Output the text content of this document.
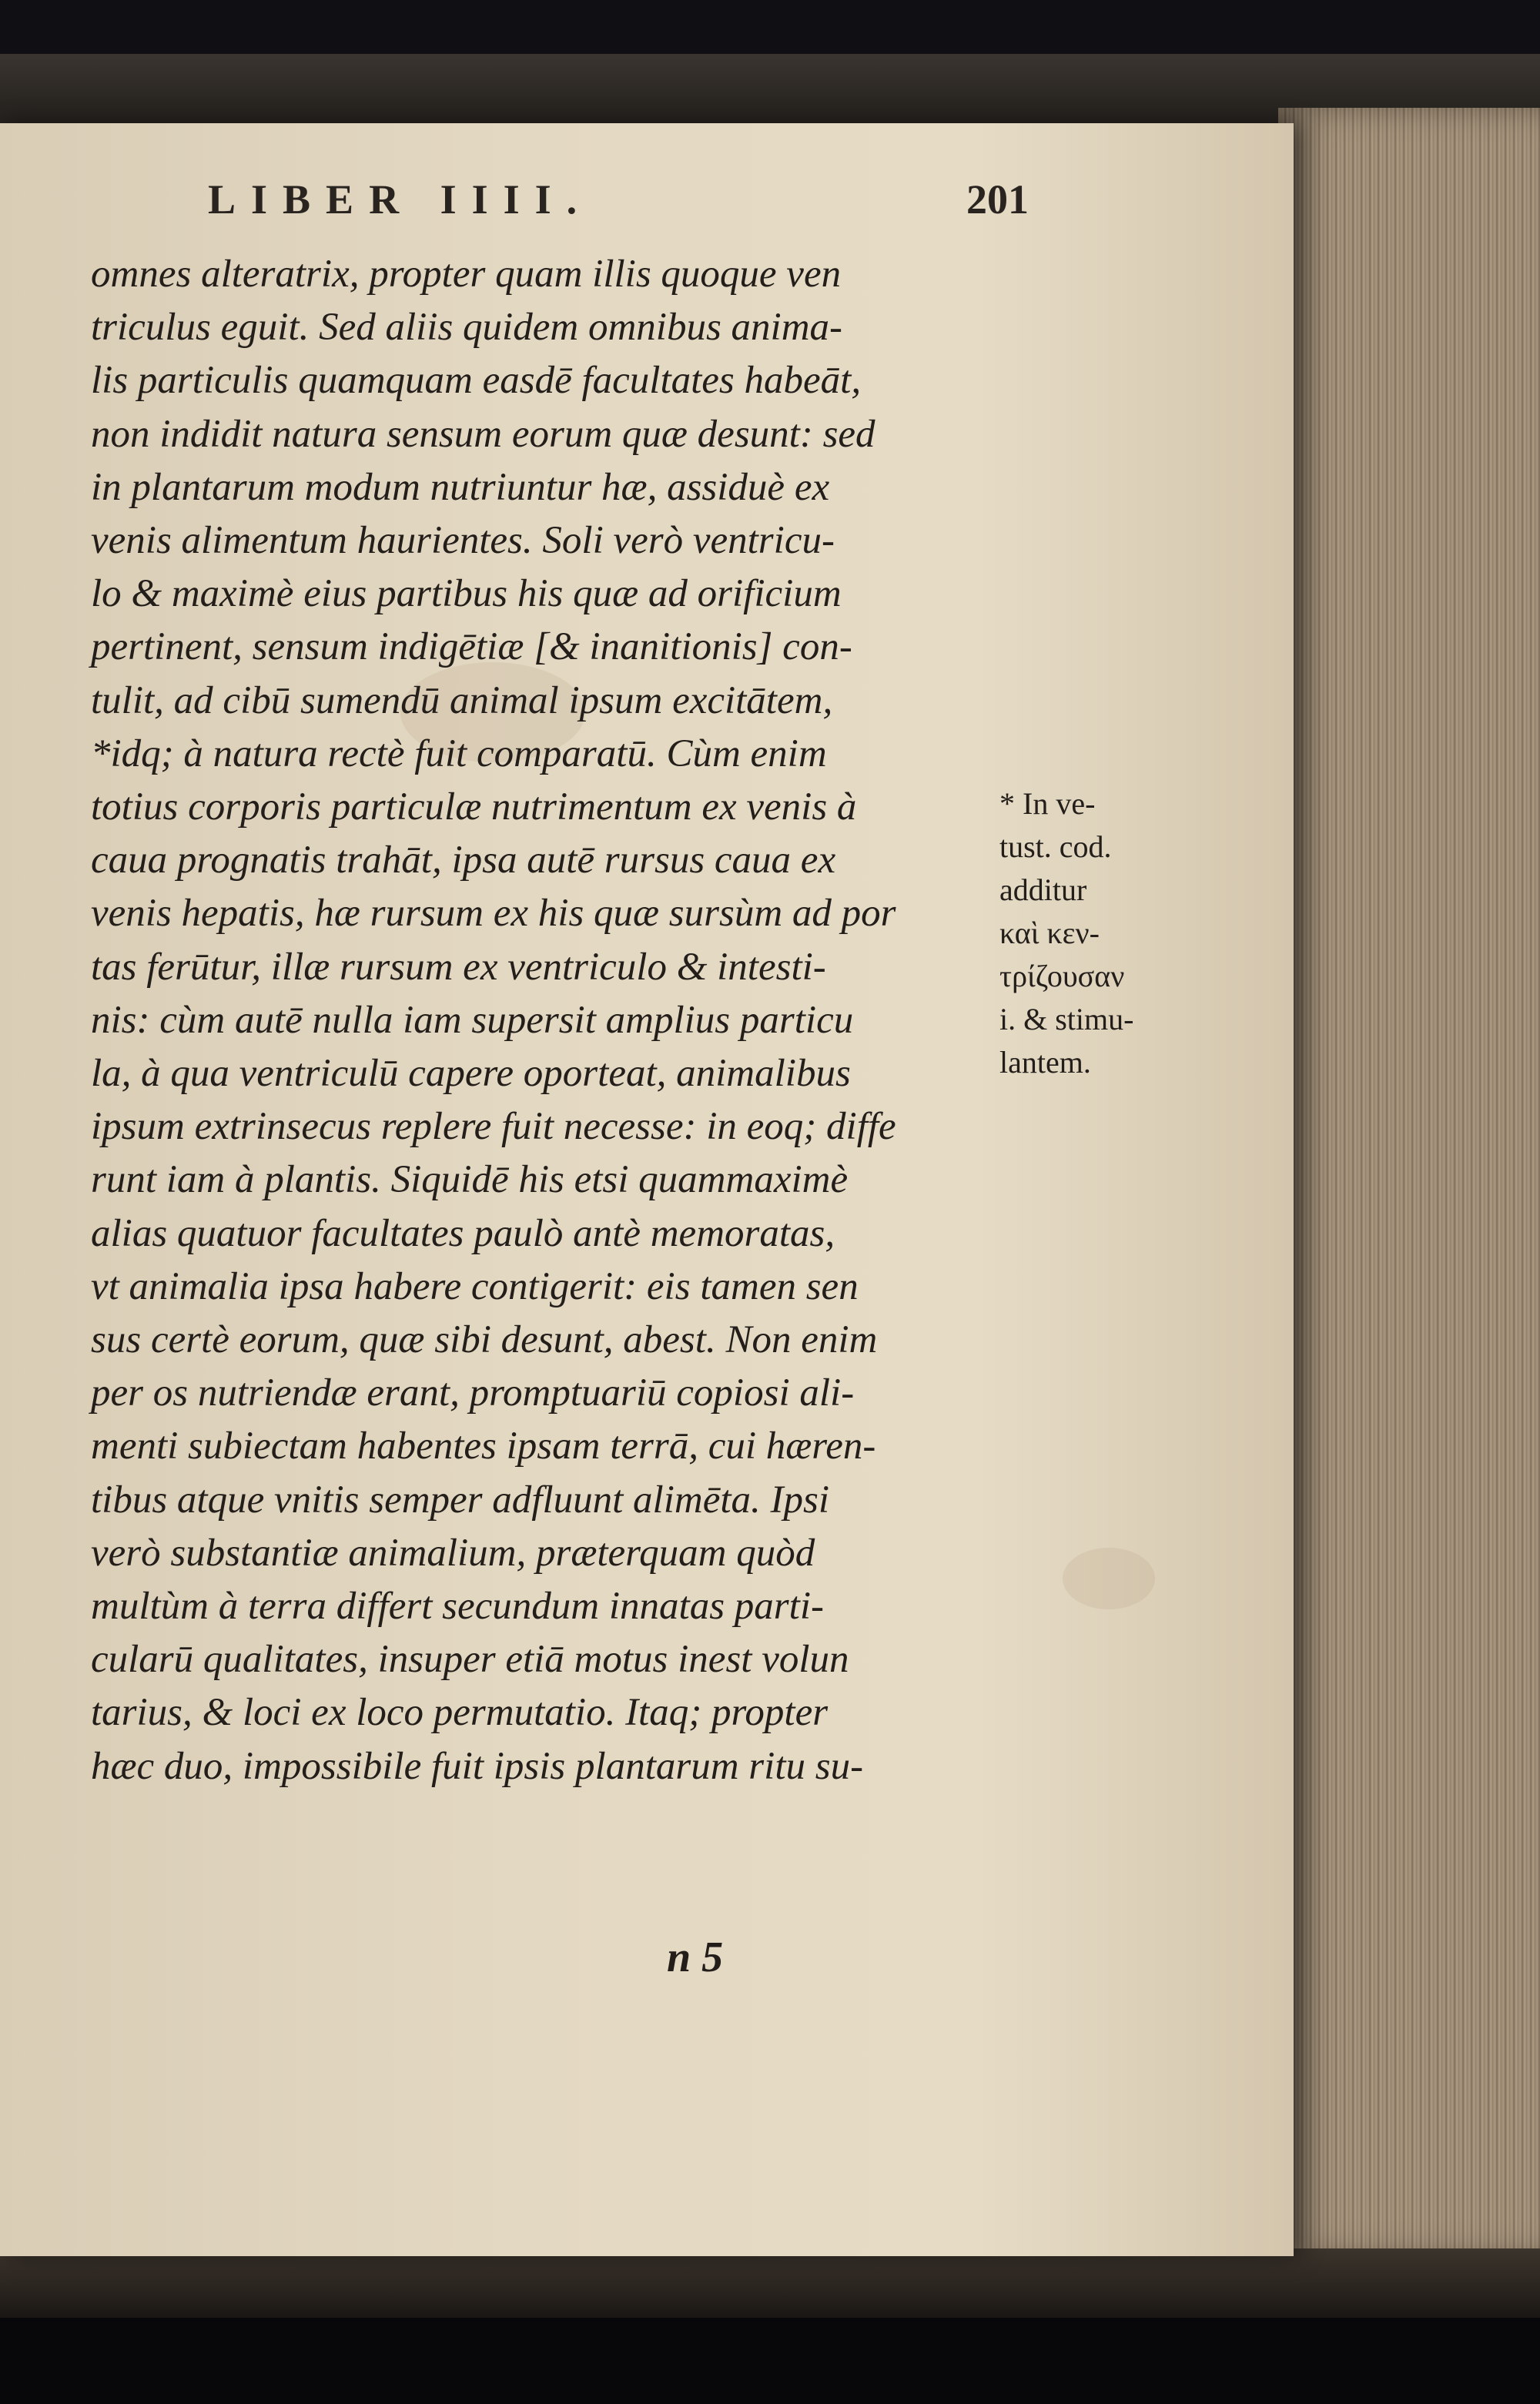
LIBER IIII.	201
omnes alteratrix, propter quam illis quoque ven
triculus eguit. Sed aliis quidem omnibus anima-
lis particulis quamquam easdē facultates habeāt,
non indidit natura sensum eorum quæ desunt: sed
in plantarum modum nutriuntur hæ, assiduè ex
venis alimentum haurientes. Soli verò ventricu-
lo & maximè eius partibus his quæ ad orificium
pertinent, sensum indigētiæ [& inanitionis] con-
tulit, ad cibū sumendū animal ipsum excitātem,
*idq; à natura rectè fuit comparatū. Cùm enim
totius corporis particulæ nutrimentum ex venis à
caua prognatis trahāt, ipsa autē rursus caua ex
venis hepatis, hæ rursum ex his quæ sursùm ad por
tas ferūtur, illæ rursum ex ventriculo & intesti-
nis: cùm autē nulla iam supersit amplius particu
la, à qua ventriculū capere oporteat, animalibus
ipsum extrinsecus replere fuit necesse: in eoq; diffe
runt iam à plantis. Siquidē his etsi quammaximè
alias quatuor facultates paulò antè memoratas,
vt animalia ipsa habere contigerit: eis tamen sen
sus certè eorum, quæ sibi desunt, abest. Non enim
per os nutriendæ erant, promptuariū copiosi ali-
menti subiectam habentes ipsam terrā, cui hæren-
tibus atque vnitis semper adfluunt alimēta. Ipsi
verò substantiæ animalium, præterquam quòd
multùm à terra differt secundum innatas parti-
cularū qualitates, insuper etiā motus inest volun
tarius, & loci ex loco permutatio. Itaq; propter
hæc duo, impossibile fuit ipsis plantarum ritu su-
* In ve-
tust. cod.
additur
καὶ κεν-
τρίζουσαν
i. & stimu-
lantem.
n 5
